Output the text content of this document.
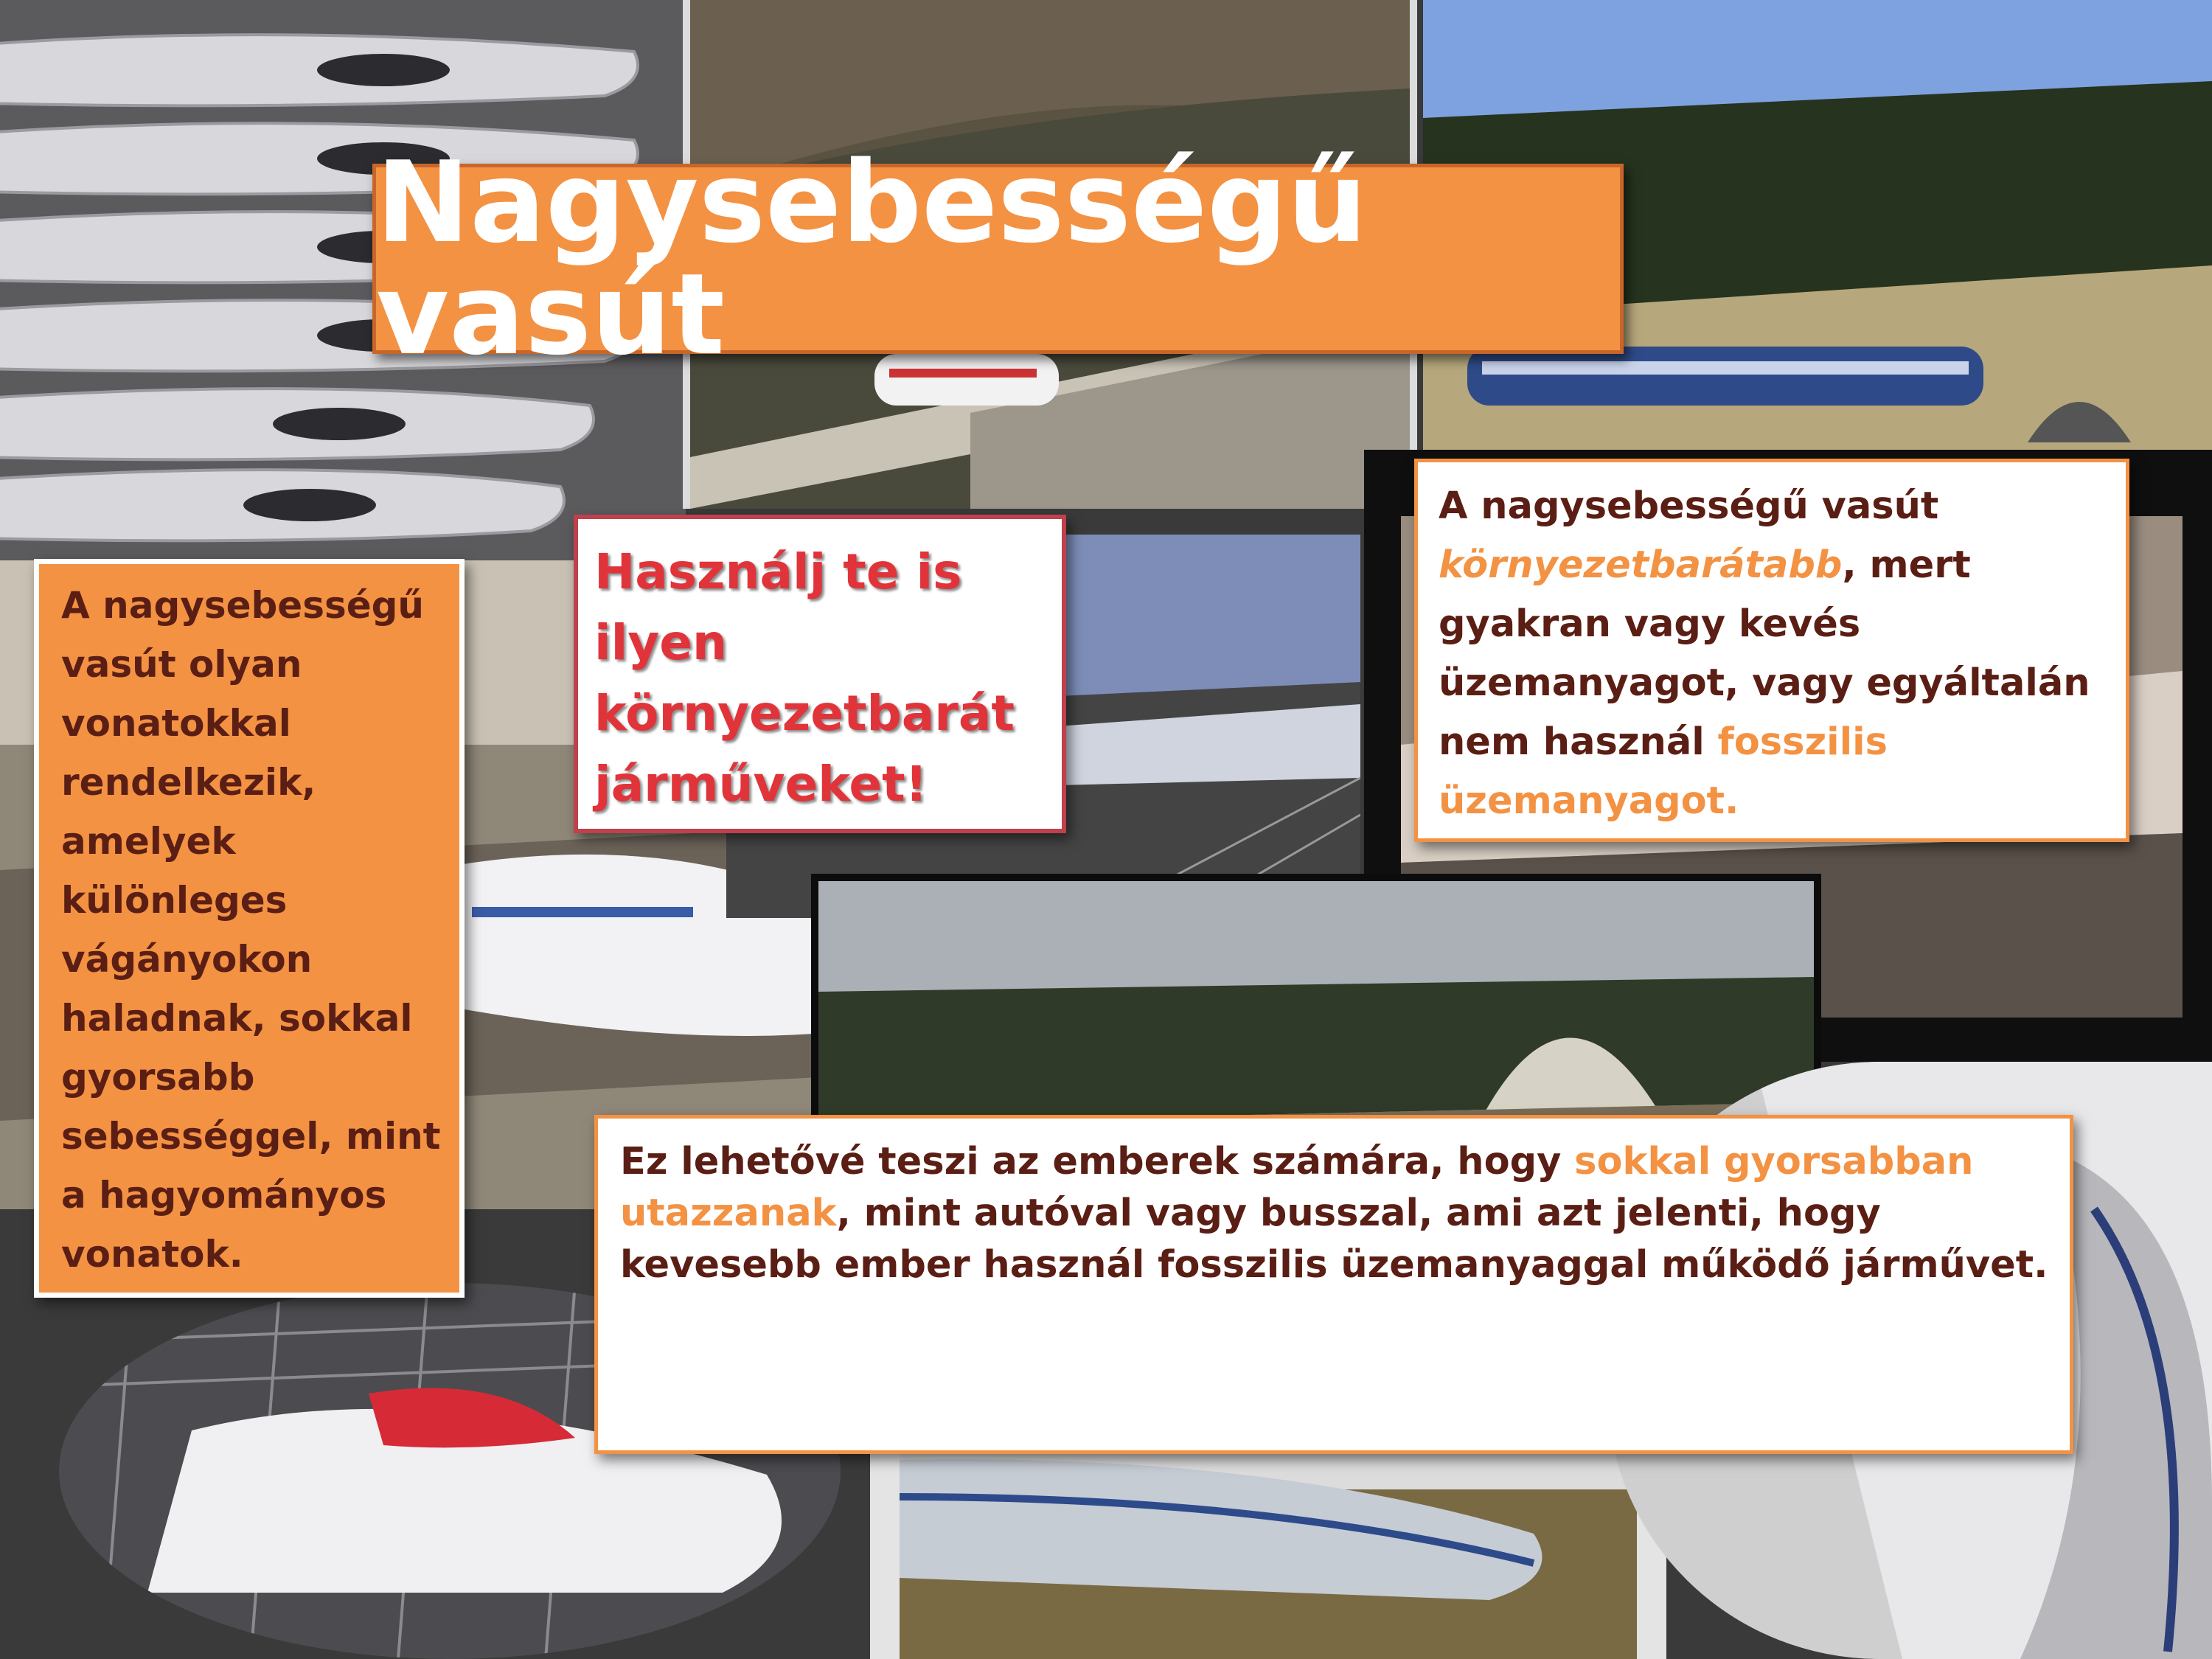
Nagysebességű vasút
A nagysebességű vasút olyan vonatokkal rendelkezik, amelyek különleges vágányokon haladnak, sokkal gyorsabb sebességgel, mint a hagyományos vonatok.
Használj te is ilyen környezetbarát járműveket!
A nagysebességű vasút környezetbarátabb, mert gyakran vagy kevés üzemanyagot, vagy egyáltalán nem használ fosszilis üzemanyagot.
Ez lehetővé teszi az emberek számára, hogy sokkal gyorsabban utazzanak, mint autóval vagy busszal, ami azt jelenti, hogy kevesebb ember használ fosszilis üzemanyaggal működő járművet.
